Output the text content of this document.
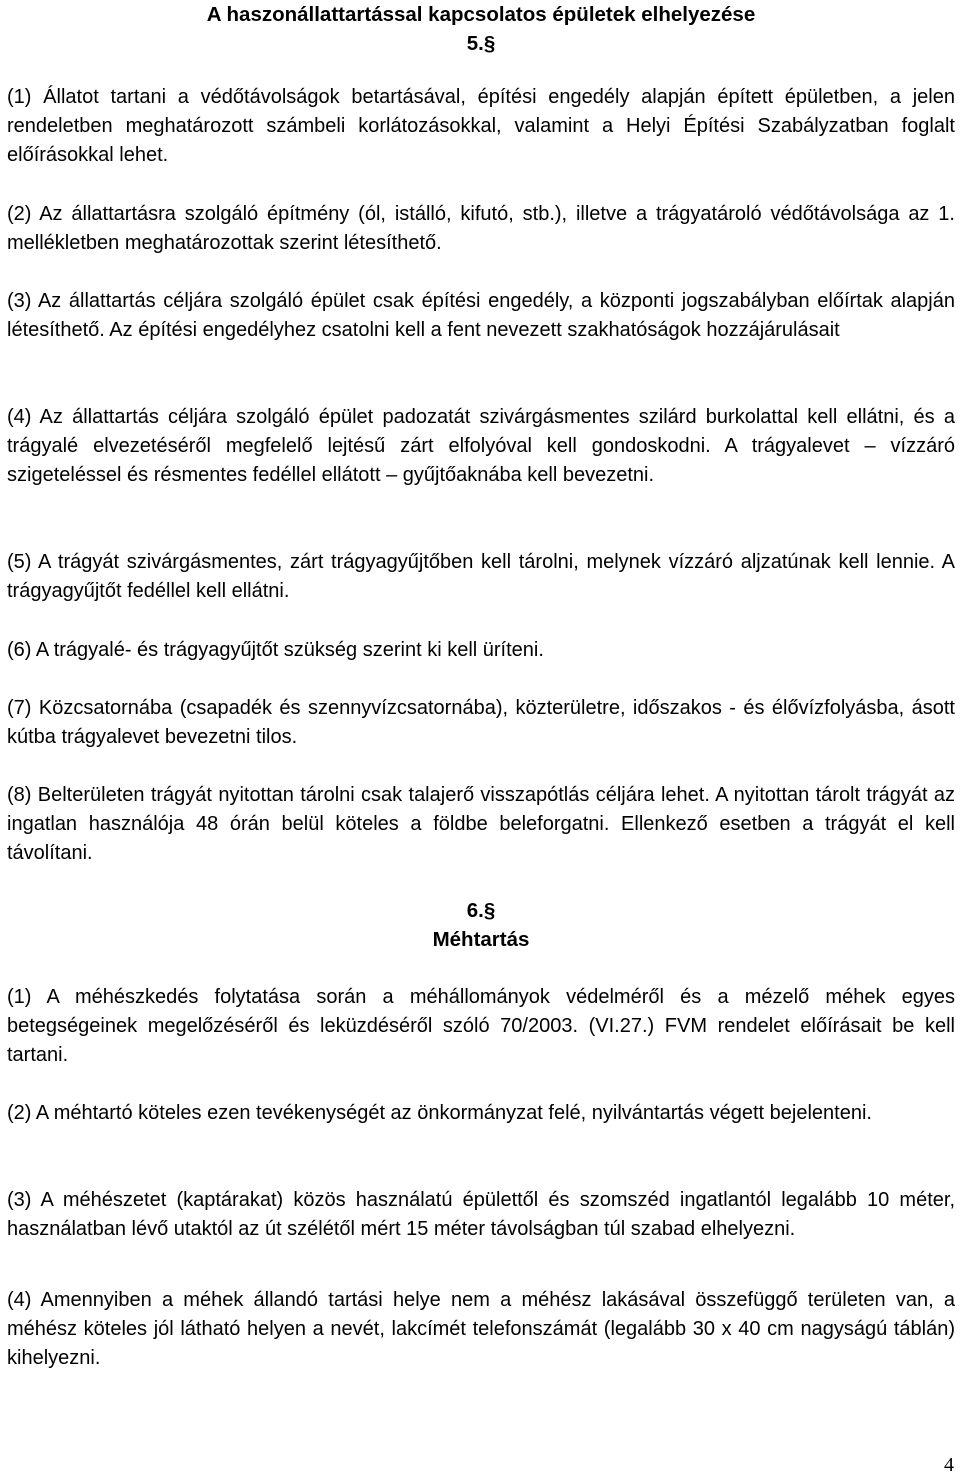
A haszonállattartással kapcsolatos épületek elhelyezése
5.§

(1) Állatot tartani a védőtávolságok betartásával, építési engedély alapján épített épületben, a jelen rendeletben meghatározott számbeli korlátozásokkal, valamint a Helyi Építési Szabályzatban foglalt előírásokkal lehet.

(2) Az állattartásra szolgáló építmény (ól, istálló, kifutó, stb.), illetve a trágyatároló védőtávolsága az 1. mellékletben meghatározottak szerint létesíthető.

(3) Az állattartás céljára szolgáló épület csak építési engedély, a központi jogszabályban előírtak alapján létesíthető. Az építési engedélyhez csatolni kell a fent nevezett szakhatóságok hozzájárulásait

(4) Az állattartás céljára szolgáló épület padozatát szivárgásmentes szilárd burkolattal kell ellátni, és a trágyalé elvezetéséről megfelelő lejtésű zárt elfolyóval kell gondoskodni. A trágyalevet – vízzáró szigeteléssel és résmentes fedéllel ellátott – gyűjtőaknába kell bevezetni.

(5) A trágyát szivárgásmentes, zárt trágyagyűjtőben kell tárolni, melynek vízzáró aljzatúnak kell lennie. A trágyagyűjtőt fedéllel kell ellátni.

(6) A trágyalé- és trágyagyűjtőt szükség szerint ki kell üríteni.

(7) Közcsatornába (csapadék és szennyvízcsatornába), közterületre, időszakos - és élővízfolyásba, ásott kútba trágyalevet bevezetni tilos.

(8) Belterületen trágyát nyitottan tárolni csak talajerő visszapótlás céljára lehet. A nyitottan tárolt trágyát az ingatlan használója 48 órán belül köteles a földbe beleforgatni. Ellenkező esetben a trágyát el kell távolítani.

6.§
Méhtartás

(1) A méhészkedés folytatása során a méhállományok védelméről és a mézelő méhek egyes betegségeinek megelőzéséről és leküzdéséről szóló 70/2003. (VI.27.) FVM rendelet előírásait be kell tartani.

(2) A méhtartó köteles ezen tevékenységét az önkormányzat felé, nyilvántartás végett bejelenteni.

(3) A méhészetet (kaptárakat) közös használatú épülettől és szomszéd ingatlantól legalább 10 méter, használatban lévő utaktól az út szélétől mért 15 méter távolságban túl szabad elhelyezni.

(4) Amennyiben a méhek állandó tartási helye nem a méhész lakásával összefüggő területen van, a méhész köteles jól látható helyen a nevét, lakcímét telefonszámát (legalább 30 x 40 cm nagyságú táblán) kihelyezni.

4
